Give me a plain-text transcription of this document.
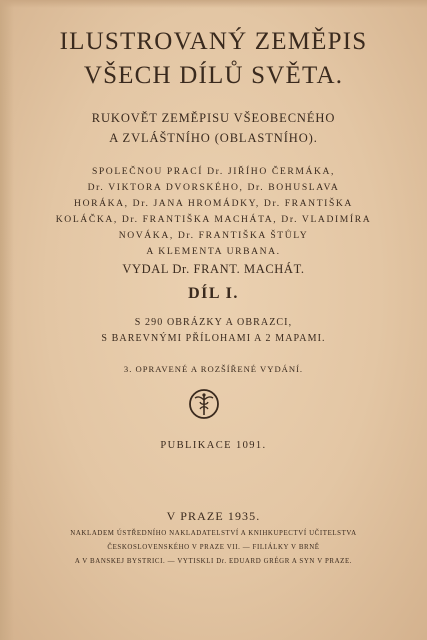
ILUSTROVANÝ ZEMĚPIS
VŠECH DÍLŮ SVĚTA.
RUKOVĚT ZEMĚPISU VŠEOBECNÉHO
A ZVLÁŠTNÍHO (OBLASTNÍHO).
SPOLEČNOU PRACÍ Dr. JIŘÍHO ČERMÁKA,
Dr. VIKTORA DVORSKÉHO, Dr. BOHUSLAVA
HORÁKA, Dr. JANA HROMÁDKY, Dr. FRANTIŠKA
KOLÁČKA, Dr. FRANTIŠKA MACHÁTA, Dr. VLADIMÍRA
NOVÁKA, Dr. FRANTIŠKA ŠTŮLY
A KLEMENTA URBANA.
VYDAL Dr. FRANT. MACHÁT.
DÍL I.
S 290 OBRÁZKY A OBRAZCI,
S BAREVNÝMI PŘÍLOHAMI A 2 MAPAMI.
3. OPRAVENÉ A ROZŠÍŘENÉ VYDÁNÍ.
PUBLIKACE 1091.
V PRAZE 1935.
NAKLADEM ÚSTŘEDNÍHO NAKLADATELSTVÍ A KNIHKUPECTVÍ UČITELSTVA
ČESKOSLOVENSKÉHO V PRAZE VII. — FILIÁLKY V BRNĚ
A V BANSKEJ BYSTRICI. — VYTISKLI Dr. EDUARD GRÉGR A SYN V PRAZE.
